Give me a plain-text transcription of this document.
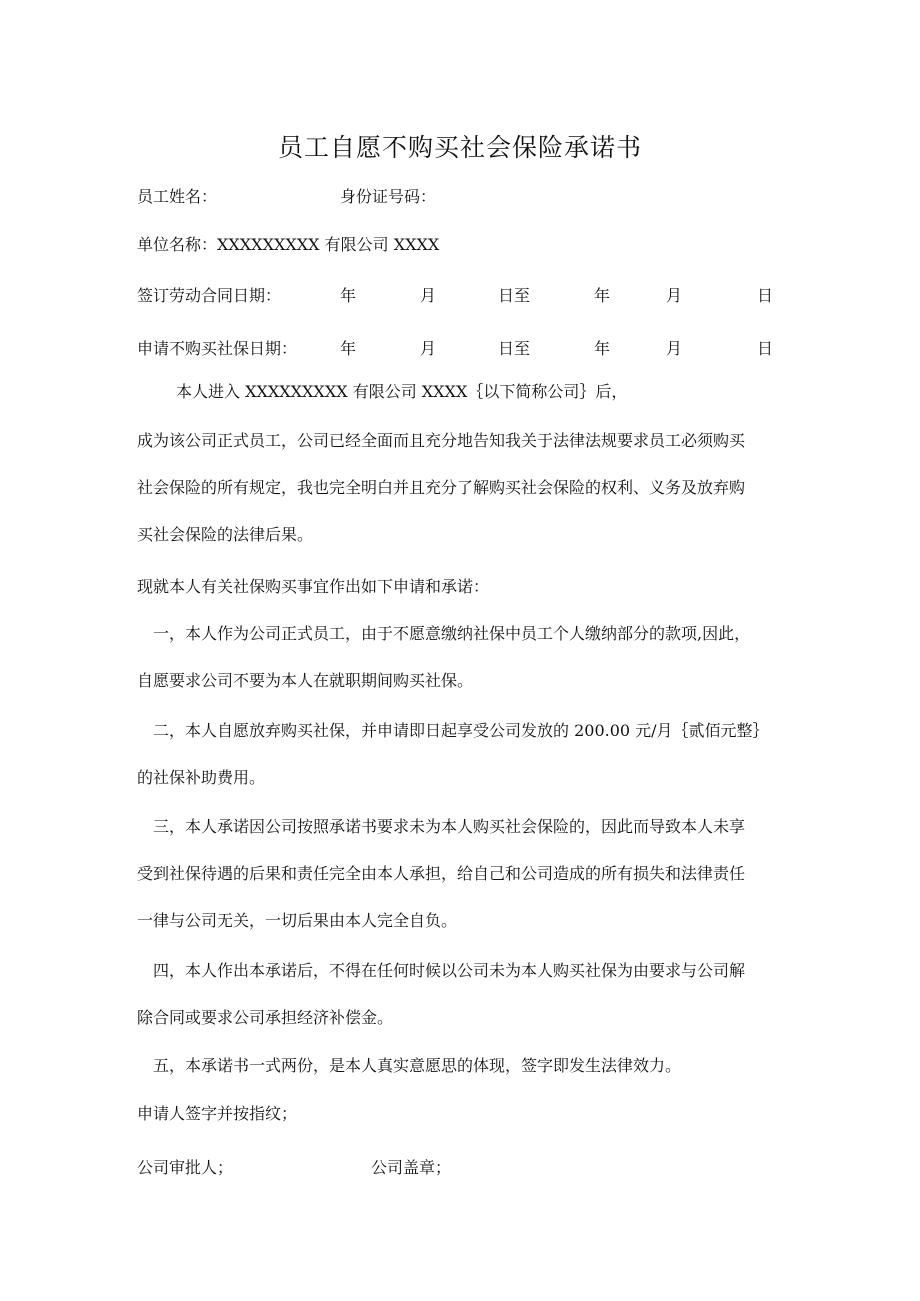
员工自愿不购买社会保险承诺书
员工姓名：	身份证号码：
单位名称：XXXXXXXXX 有限公司 XXXX
签订劳动合同日期：	年	月	日至	年	月	日
申请不购买社保日期：	年	月	日至	年	月	日
本人进入 XXXXXXXXX 有限公司 XXXX｛以下简称公司｝后，
成为该公司正式员工，公司已经全面而且充分地告知我关于法律法规要求员工必须购买
社会保险的所有规定，我也完全明白并且充分了解购买社会保险的权利、义务及放弃购
买社会保险的法律后果。
现就本人有关社保购买事宜作出如下申请和承诺：
一，本人作为公司正式员工，由于不愿意缴纳社保中员工个人缴纳部分的款项,因此，
自愿要求公司不要为本人在就职期间购买社保。
二，本人自愿放弃购买社保，并申请即日起享受公司发放的 200.00 元/月｛贰佰元整｝
的社保补助费用。
三，本人承诺因公司按照承诺书要求未为本人购买社会保险的，因此而导致本人未享
受到社保待遇的后果和责任完全由本人承担，给自己和公司造成的所有损失和法律责任
一律与公司无关，一切后果由本人完全自负。
四，本人作出本承诺后，不得在任何时候以公司未为本人购买社保为由要求与公司解
除合同或要求公司承担经济补偿金。
五，本承诺书一式两份，是本人真实意愿思的体现，签字即发生法律效力。
申请人签字并按指纹；
公司审批人；	公司盖章；
